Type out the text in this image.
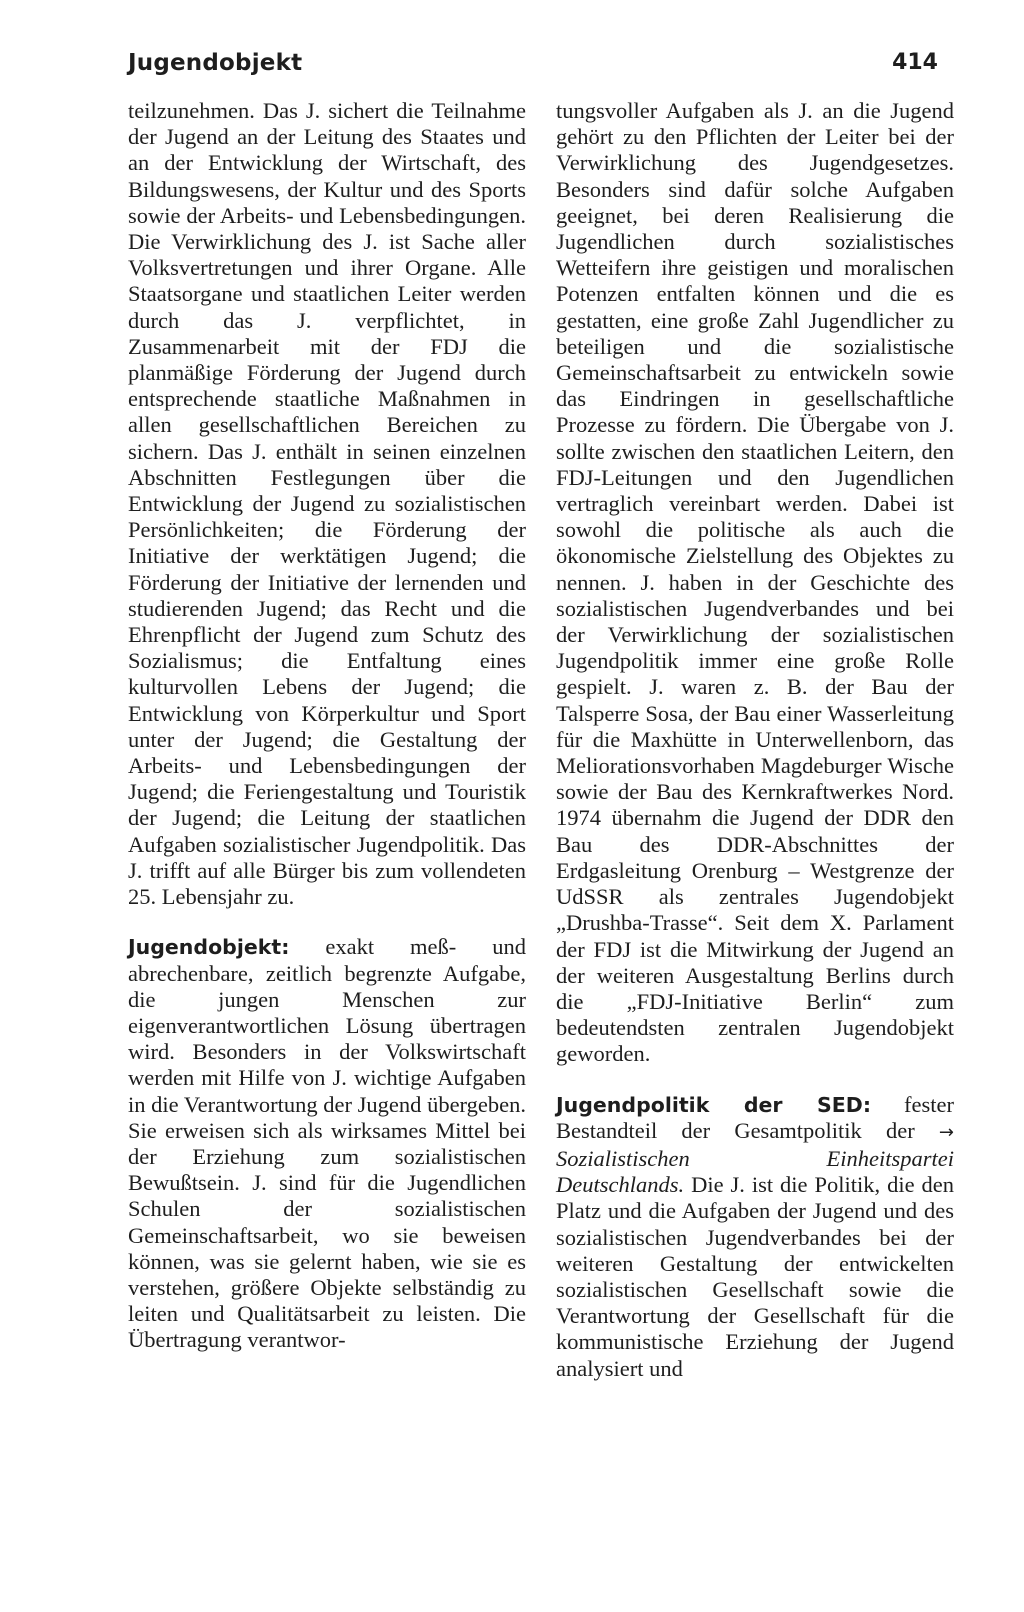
Jugendobjekt	414

teilzunehmen. Das J. sichert die Teilnahme der Jugend an der Leitung des Staates und an der Entwicklung der Wirtschaft, des Bildungswesens, der Kultur und des Sports sowie der Arbeits- und Lebensbedingungen. Die Verwirklichung des J. ist Sache aller Volksvertretungen und ihrer Organe. Alle Staatsorgane und staatlichen Leiter werden durch das J. verpflichtet, in Zusammenarbeit mit der FDJ die planmäßige Förderung der Jugend durch entsprechende staatliche Maßnahmen in allen gesellschaftlichen Bereichen zu sichern. Das J. enthält in seinen einzelnen Abschnitten Festlegungen über die Entwicklung der Jugend zu sozialistischen Persönlichkeiten; die Förderung der Initiative der werktätigen Jugend; die Förderung der Initiative der lernenden und studierenden Jugend; das Recht und die Ehrenpflicht der Jugend zum Schutz des Sozialismus; die Entfaltung eines kulturvollen Lebens der Jugend; die Entwicklung von Körperkultur und Sport unter der Jugend; die Gestaltung der Arbeits- und Lebensbedingungen der Jugend; die Feriengestaltung und Touristik der Jugend; die Leitung der staatlichen Aufgaben sozialistischer Jugendpolitik. Das J. trifft auf alle Bürger bis zum vollendeten 25. Lebensjahr zu.

Jugendobjekt: exakt meß- und abrechenbare, zeitlich begrenzte Aufgabe, die jungen Menschen zur eigenverantwortlichen Lösung übertragen wird. Besonders in der Volkswirtschaft werden mit Hilfe von J. wichtige Aufgaben in die Verantwortung der Jugend übergeben. Sie erweisen sich als wirksames Mittel bei der Erziehung zum sozialistischen Bewußtsein. J. sind für die Jugendlichen Schulen der sozialistischen Gemeinschaftsarbeit, wo sie beweisen können, was sie gelernt haben, wie sie es verstehen, größere Objekte selbständig zu leiten und Qualitätsarbeit zu leisten. Die Übertragung verantwor-

tungsvoller Aufgaben als J. an die Jugend gehört zu den Pflichten der Leiter bei der Verwirklichung des Jugendgesetzes. Besonders sind dafür solche Aufgaben geeignet, bei deren Realisierung die Jugendlichen durch sozialistisches Wetteifern ihre geistigen und moralischen Potenzen entfalten können und die es gestatten, eine große Zahl Jugendlicher zu beteiligen und die sozialistische Gemeinschaftsarbeit zu entwickeln sowie das Eindringen in gesellschaftliche Prozesse zu fördern. Die Übergabe von J. sollte zwischen den staatlichen Leitern, den FDJ-Leitungen und den Jugendlichen vertraglich vereinbart werden. Dabei ist sowohl die politische als auch die ökonomische Zielstellung des Objektes zu nennen. J. haben in der Geschichte des sozialistischen Jugendverbandes und bei der Verwirklichung der sozialistischen Jugendpolitik immer eine große Rolle gespielt. J. waren z. B. der Bau der Talsperre Sosa, der Bau einer Wasserleitung für die Maxhütte in Unterwellenborn, das Meliorationsvorhaben Magdeburger Wische sowie der Bau des Kernkraftwerkes Nord. 1974 übernahm die Jugend der DDR den Bau des DDR-Abschnittes der Erdgasleitung Orenburg – Westgrenze der UdSSR als zentrales Jugendobjekt „Drushba-Trasse“. Seit dem X. Parlament der FDJ ist die Mitwirkung der Jugend an der weiteren Ausgestaltung Berlins durch die „FDJ-Initiative Berlin“ zum bedeutendsten zentralen Jugendobjekt geworden.

Jugendpolitik der SED: fester Bestandteil der Gesamtpolitik der → Sozialistischen Einheitspartei Deutschlands. Die J. ist die Politik, die den Platz und die Aufgaben der Jugend und des sozialistischen Jugendverbandes bei der weiteren Gestaltung der entwickelten sozialistischen Gesellschaft sowie die Verantwortung der Gesellschaft für die kommunistische Erziehung der Jugend analysiert und
